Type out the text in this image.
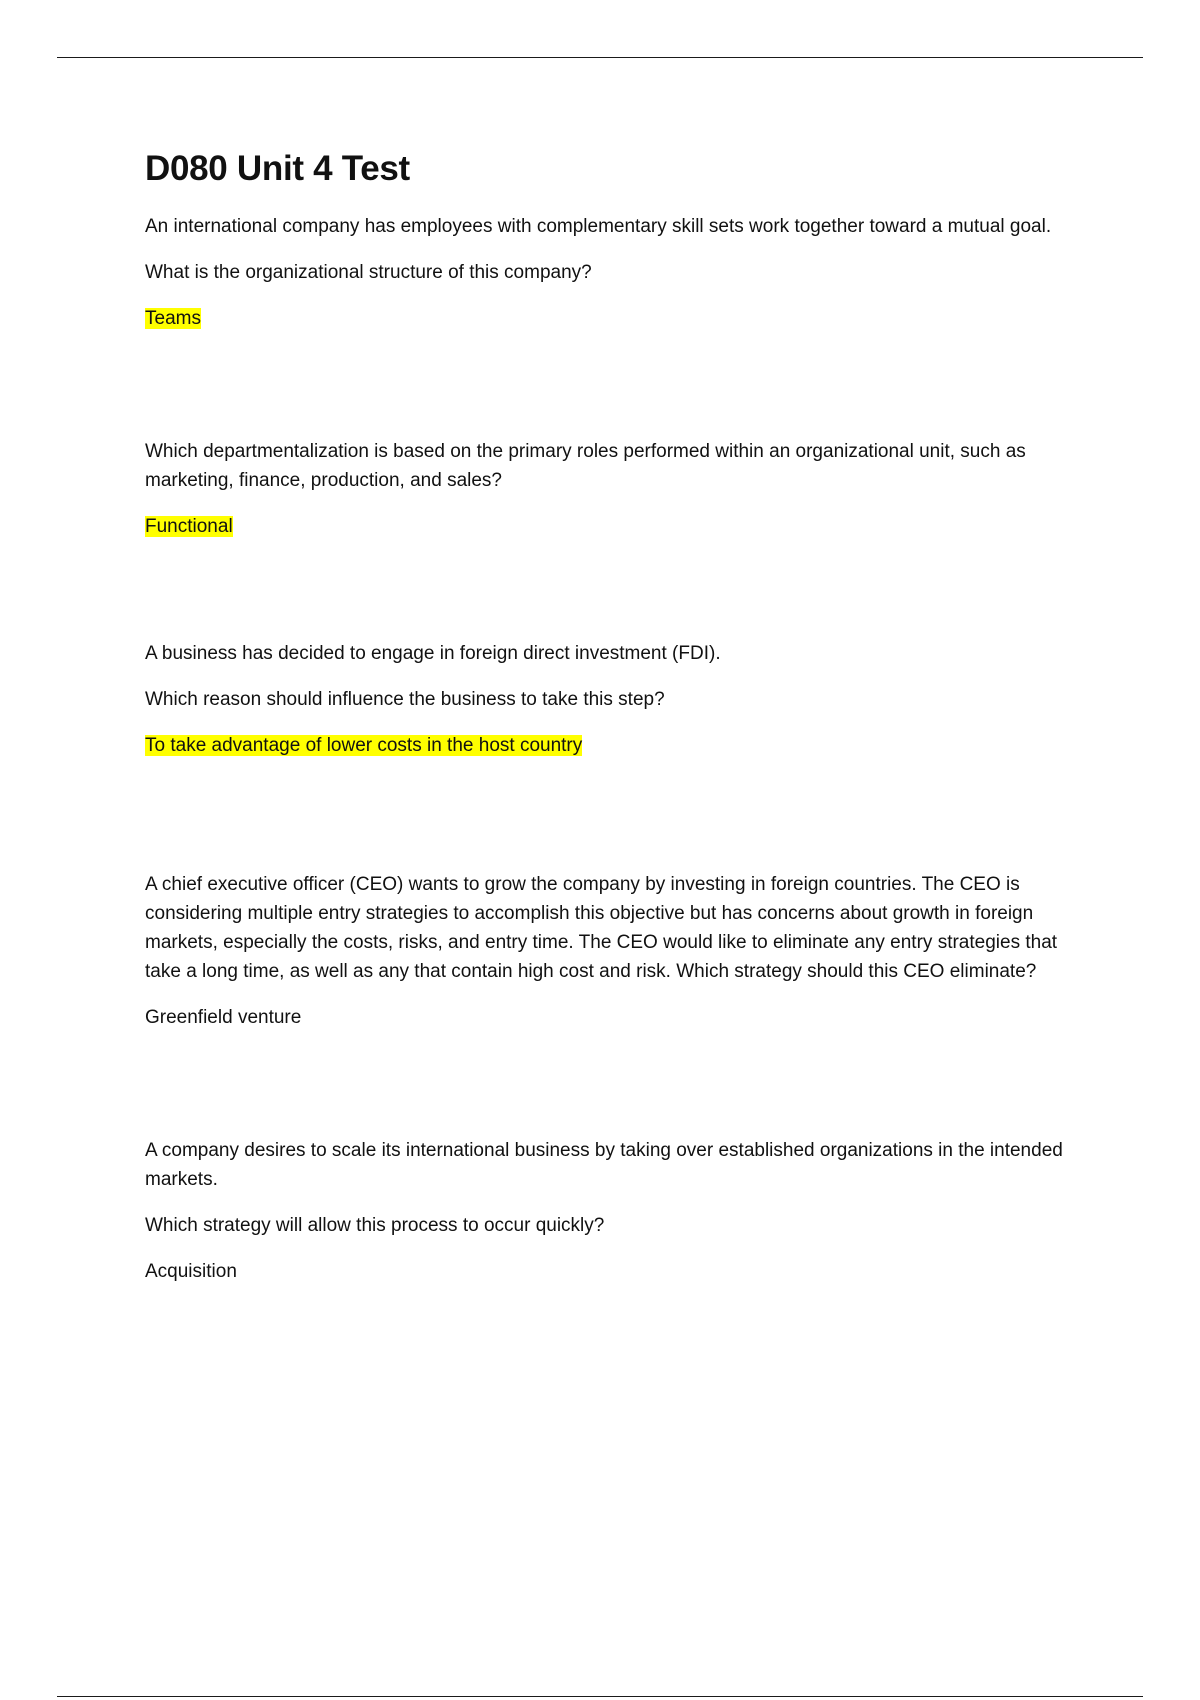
D080 Unit 4 Test

An international company has employees with complementary skill sets work together toward a mutual goal.

What is the organizational structure of this company?

Teams

Which departmentalization is based on the primary roles performed within an organizational unit, such as marketing, finance, production, and sales?

Functional

A business has decided to engage in foreign direct investment (FDI).

Which reason should influence the business to take this step?

To take advantage of lower costs in the host country

A chief executive officer (CEO) wants to grow the company by investing in foreign countries. The CEO is considering multiple entry strategies to accomplish this objective but has concerns about growth in foreign markets, especially the costs, risks, and entry time. The CEO would like to eliminate any entry strategies that take a long time, as well as any that contain high cost and risk. Which strategy should this CEO eliminate?

Greenfield venture

A company desires to scale its international business by taking over established organizations in the intended markets.

Which strategy will allow this process to occur quickly?

Acquisition
